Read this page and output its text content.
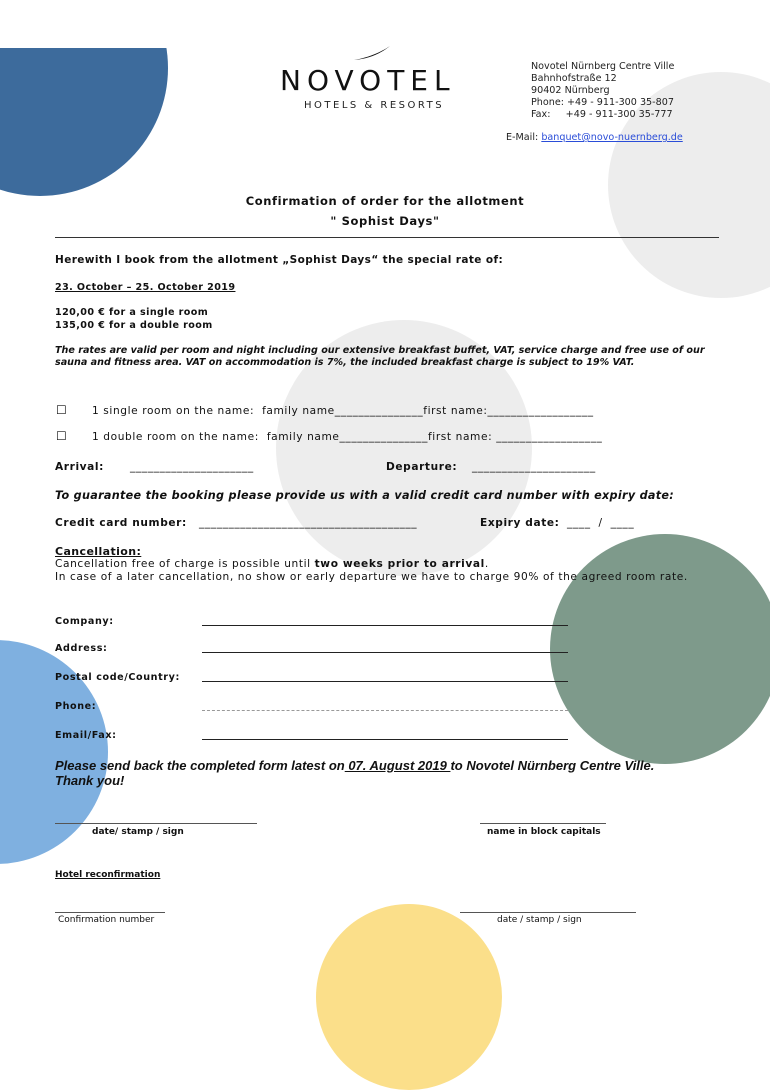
NOVOTEL
HOTELS & RESORTS
Novotel Nürnberg Centre Ville
Bahnhofstraße 12
90402 Nürnberg
Phone: +49 - 911-300 35-807
Fax:     +49 - 911-300 35-777
E-Mail: banquet@novo-nuernberg.de
Confirmation of order for the allotment
" Sophist Days"
Herewith I book from the allotment „Sophist Days“ the special rate of:
23. October – 25. October 2019
120,00 € for a single room
135,00 € for a double room
The rates are valid per room and night including our extensive breakfast buffet, VAT, service charge and free use of our sauna and fitness area. VAT on accommodation is 7%, the included breakfast charge is subject to 19% VAT.
☐ 1 single room on the name:  family name_______________first name:__________________
☐ 1 double room on the name:  family name_______________first name: __________________
Arrival: _____________________	Departure: _____________________
To guarantee the booking please provide us with a valid credit card number with expiry date:
Credit card number: _____________________________________	Expiry date: ____  /  ____
Cancellation:
Cancellation free of charge is possible until two weeks prior to arrival.
In case of a later cancellation, no show or early departure we have to charge 90% of the agreed room rate.
Company:
Address:
Postal code/Country:
Phone:
Email/Fax:
Please send back the completed form latest on 07. August 2019 to Novotel Nürnberg Centre Ville.
Thank you!
date/ stamp / sign	name in block capitals
Hotel reconfirmation
Confirmation number	date / stamp / sign
